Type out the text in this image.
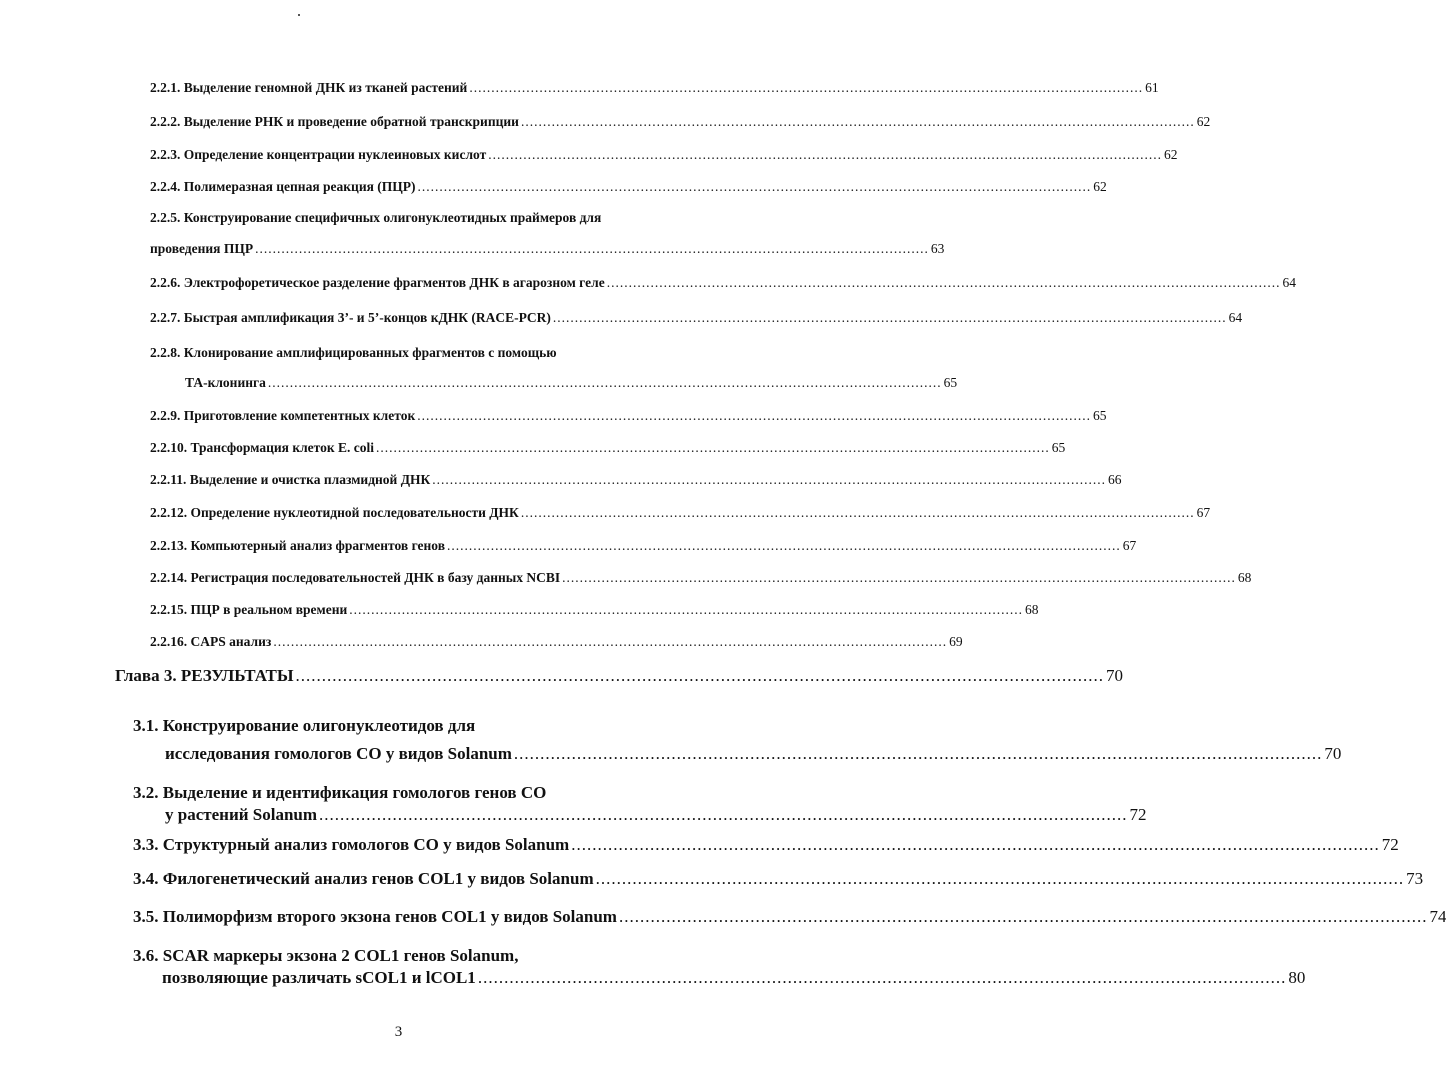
2.2.1. Выделение геномной ДНК из тканей растений .......................................................................................................................................................... 61
2.2.2. Выделение РНК и проведение обратной транскрипции .......................................................................................................................................................... 62
2.2.3. Определение концентрации нуклеиновых кислот .......................................................................................................................................................... 62
2.2.4. Полимеразная цепная реакция (ПЦР) .......................................................................................................................................................... 62
2.2.5. Конструирование специфичных олигонуклеотидных праймеров для
проведения ПЦР .......................................................................................................................................................... 63
2.2.6. Электрофоретическое разделение фрагментов ДНК в агарозном геле .......................................................................................................................................................... 64
2.2.7. Быстрая амплификация 3’- и 5’-концов кДНК (RACE-PCR) .......................................................................................................................................................... 64
2.2.8. Клонирование амплифицированных фрагментов с помощью
ТА-клонинга .......................................................................................................................................................... 65
2.2.9. Приготовление компетентных клеток .......................................................................................................................................................... 65
2.2.10. Трансформация клеток E. coli .......................................................................................................................................................... 65
2.2.11. Выделение и очистка плазмидной ДНК .......................................................................................................................................................... 66
2.2.12. Определение нуклеотидной последовательности ДНК .......................................................................................................................................................... 67
2.2.13. Компьютерный анализ фрагментов генов .......................................................................................................................................................... 67
2.2.14. Регистрация последовательностей ДНК в базу данных NCBI .......................................................................................................................................................... 68
2.2.15. ПЦР в реальном времени .......................................................................................................................................................... 68
2.2.16. CAPS анализ .......................................................................................................................................................... 69
Глава 3. РЕЗУЛЬТАТЫ .......................................................................................................................................................... 70
3.1. Конструирование олигонуклеотидов для
исследования гомологов CO у видов Solanum .......................................................................................................................................................... 70
3.2. Выделение и идентификация гомологов генов CO
у растений Solanum .......................................................................................................................................................... 72
3.3. Структурный анализ гомологов CO у видов Solanum .......................................................................................................................................................... 72
3.4. Филогенетический анализ генов COL1 у видов Solanum .......................................................................................................................................................... 73
3.5. Полиморфизм второго экзона генов COL1 у видов Solanum .......................................................................................................................................................... 74
3.6. SCAR маркеры экзона 2 COL1 генов Solanum,
позволяющие различать sCOL1 и lCOL1 .......................................................................................................................................................... 80
3
